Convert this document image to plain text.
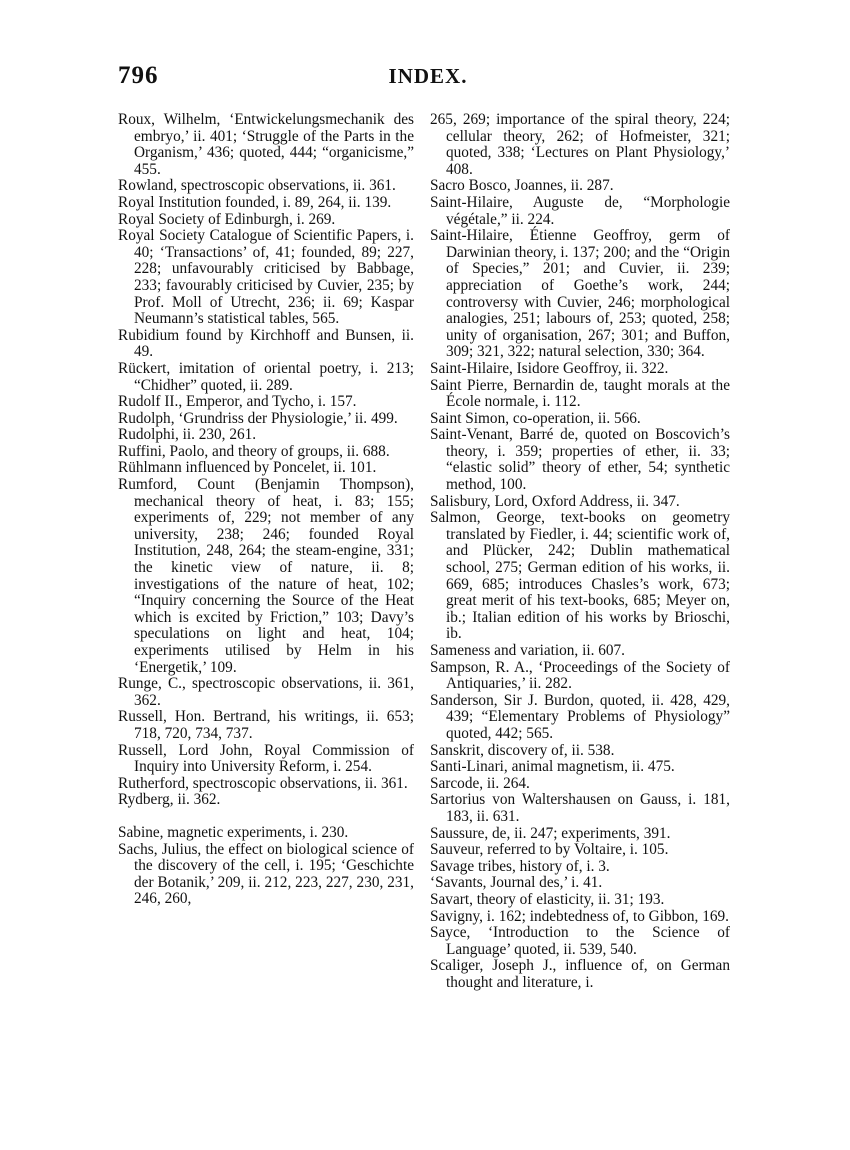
796	INDEX.

Roux, Wilhelm, ‘Entwickelungsmechanik des embryo,’ ii. 401; ‘Struggle of the Parts in the Organism,’ 436; quoted, 444; “organicisme,” 455.

Rowland, spectroscopic observations, ii. 361.

Royal Institution founded, i. 89, 264, ii. 139.

Royal Society of Edinburgh, i. 269.

Royal Society Catalogue of Scientific Papers, i. 40; ‘Transactions’ of, 41; founded, 89; 227, 228; unfavourably criticised by Babbage, 233; favourably criticised by Cuvier, 235; by Prof. Moll of Utrecht, 236; ii. 69; Kaspar Neumann’s statistical tables, 565.

Rubidium found by Kirchhoff and Bunsen, ii. 49.

Rückert, imitation of oriental poetry, i. 213; “Chidher” quoted, ii. 289.

Rudolf II., Emperor, and Tycho, i. 157.

Rudolph, ‘Grundriss der Physiologie,’ ii. 499.

Rudolphi, ii. 230, 261.

Ruffini, Paolo, and theory of groups, ii. 688.

Rühlmann influenced by Poncelet, ii. 101.

Rumford, Count (Benjamin Thompson), mechanical theory of heat, i. 83; 155; experiments of, 229; not member of any university, 238; 246; founded Royal Institution, 248, 264; the steam-engine, 331; the kinetic view of nature, ii. 8; investigations of the nature of heat, 102; “Inquiry concerning the Source of the Heat which is excited by Friction,” 103; Davy’s speculations on light and heat, 104; experiments utilised by Helm in his ‘Energetik,’ 109.

Runge, C., spectroscopic observations, ii. 361, 362.

Russell, Hon. Bertrand, his writings, ii. 653; 718, 720, 734, 737.

Russell, Lord John, Royal Commission of Inquiry into University Reform, i. 254.

Rutherford, spectroscopic observations, ii. 361.

Rydberg, ii. 362.

Sabine, magnetic experiments, i. 230.

Sachs, Julius, the effect on biological science of the discovery of the cell, i. 195; ‘Geschichte der Botanik,’ 209, ii. 212, 223, 227, 230, 231, 246, 260,

265, 269; importance of the spiral theory, 224; cellular theory, 262; of Hofmeister, 321; quoted, 338; ‘Lectures on Plant Physiology,’ 408.

Sacro Bosco, Joannes, ii. 287.

Saint-Hilaire, Auguste de, “Morphologie végétale,” ii. 224.

Saint-Hilaire, Étienne Geoffroy, germ of Darwinian theory, i. 137; 200; and the “Origin of Species,” 201; and Cuvier, ii. 239; appreciation of Goethe’s work, 244; controversy with Cuvier, 246; morphological analogies, 251; labours of, 253; quoted, 258; unity of organisation, 267; 301; and Buffon, 309; 321, 322; natural selection, 330; 364.

Saint-Hilaire, Isidore Geoffroy, ii. 322.

Saint Pierre, Bernardin de, taught morals at the École normale, i. 112.

Saint Simon, co-operation, ii. 566.

Saint-Venant, Barré de, quoted on Boscovich’s theory, i. 359; properties of ether, ii. 33; “elastic solid” theory of ether, 54; synthetic method, 100.

Salisbury, Lord, Oxford Address, ii. 347.

Salmon, George, text-books on geometry translated by Fiedler, i. 44; scientific work of, and Plücker, 242; Dublin mathematical school, 275; German edition of his works, ii. 669, 685; introduces Chasles’s work, 673; great merit of his text-books, 685; Meyer on, ib.; Italian edition of his works by Brioschi, ib.

Sameness and variation, ii. 607.

Sampson, R. A., ‘Proceedings of the Society of Antiquaries,’ ii. 282.

Sanderson, Sir J. Burdon, quoted, ii. 428, 429, 439; “Elementary Problems of Physiology” quoted, 442; 565.

Sanskrit, discovery of, ii. 538.

Santi-Linari, animal magnetism, ii. 475.

Sarcode, ii. 264.

Sartorius von Waltershausen on Gauss, i. 181, 183, ii. 631.

Saussure, de, ii. 247; experiments, 391.

Sauveur, referred to by Voltaire, i. 105.

Savage tribes, history of, i. 3.

‘Savants, Journal des,’ i. 41.

Savart, theory of elasticity, ii. 31; 193.

Savigny, i. 162; indebtedness of, to Gibbon, 169.

Sayce, ‘Introduction to the Science of Language’ quoted, ii. 539, 540.

Scaliger, Joseph J., influence of, on German thought and literature, i.
